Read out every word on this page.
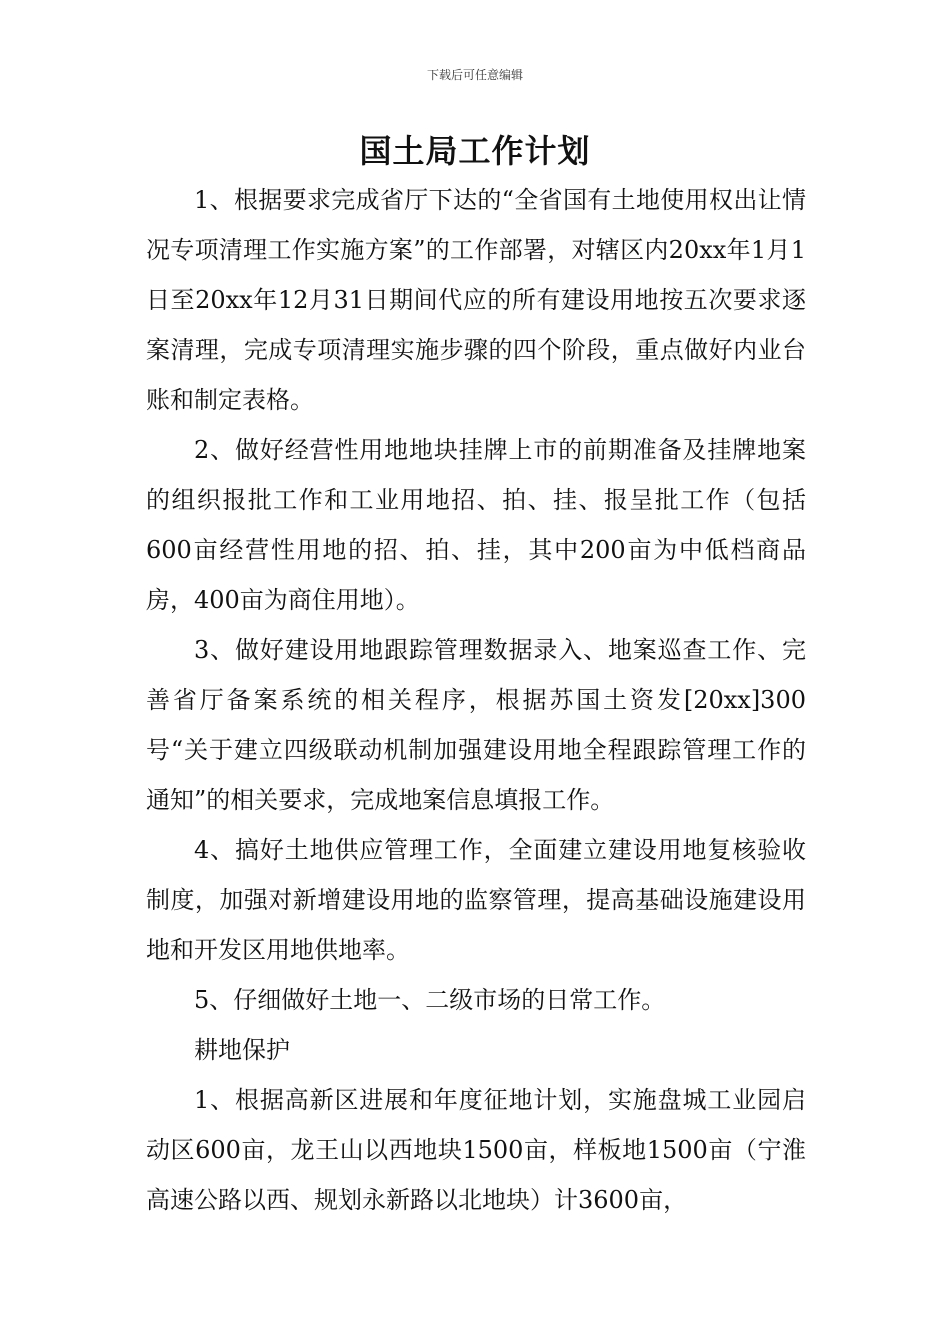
下载后可任意编辑
国土局工作计划

1、根据要求完成省厅下达的“全省国有土地使用权出让情况专项清理工作实施方案”的工作部署，对辖区内20xx年1月1日至20xx年12月31日期间代应的所有建设用地按五次要求逐案清理，完成专项清理实施步骤的四个阶段，重点做好内业台账和制定表格。

2、做好经营性用地地块挂牌上市的前期准备及挂牌地案的组织报批工作和工业用地招、拍、挂、报呈批工作（包括600亩经营性用地的招、拍、挂，其中200亩为中低档商品房，400亩为商住用地）。

3、做好建设用地跟踪管理数据录入、地案巡查工作、完善省厅备案系统的相关程序，根据苏国土资发[20xx]300号“关于建立四级联动机制加强建设用地全程跟踪管理工作的通知”的相关要求，完成地案信息填报工作。

4、搞好土地供应管理工作，全面建立建设用地复核验收制度，加强对新增建设用地的监察管理，提高基础设施建设用地和开发区用地供地率。

5、仔细做好土地一、二级市场的日常工作。

耕地保护

1、根据高新区进展和年度征地计划，实施盘城工业园启动区600亩，龙王山以西地块1500亩，样板地1500亩（宁淮高速公路以西、规划永新路以北地块）计3600亩，
